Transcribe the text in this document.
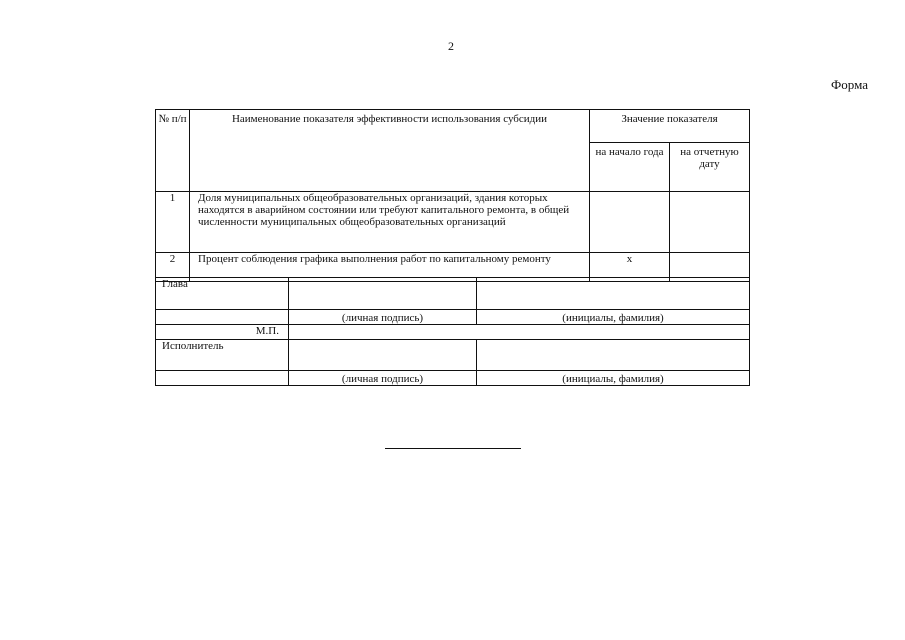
2
Форма
№ п/п	Наименование показателя эффективности использования субсидии	Значение показателя	
		на начало года	на отчетную дату
1	Доля муниципальных общеобразовательных организаций, здания которых находятся в аварийном состоянии или требуют капитального ремонта, в общей численности муниципальных общеобразовательных организаций		
2	Процент соблюдения графика выполнения работ по капитальному ремонту	x	
Глава		
	(личная подпись)	(инициалы, фамилия)
М.П.		
Исполнитель		
	(личная подпись)	(инициалы, фамилия)
